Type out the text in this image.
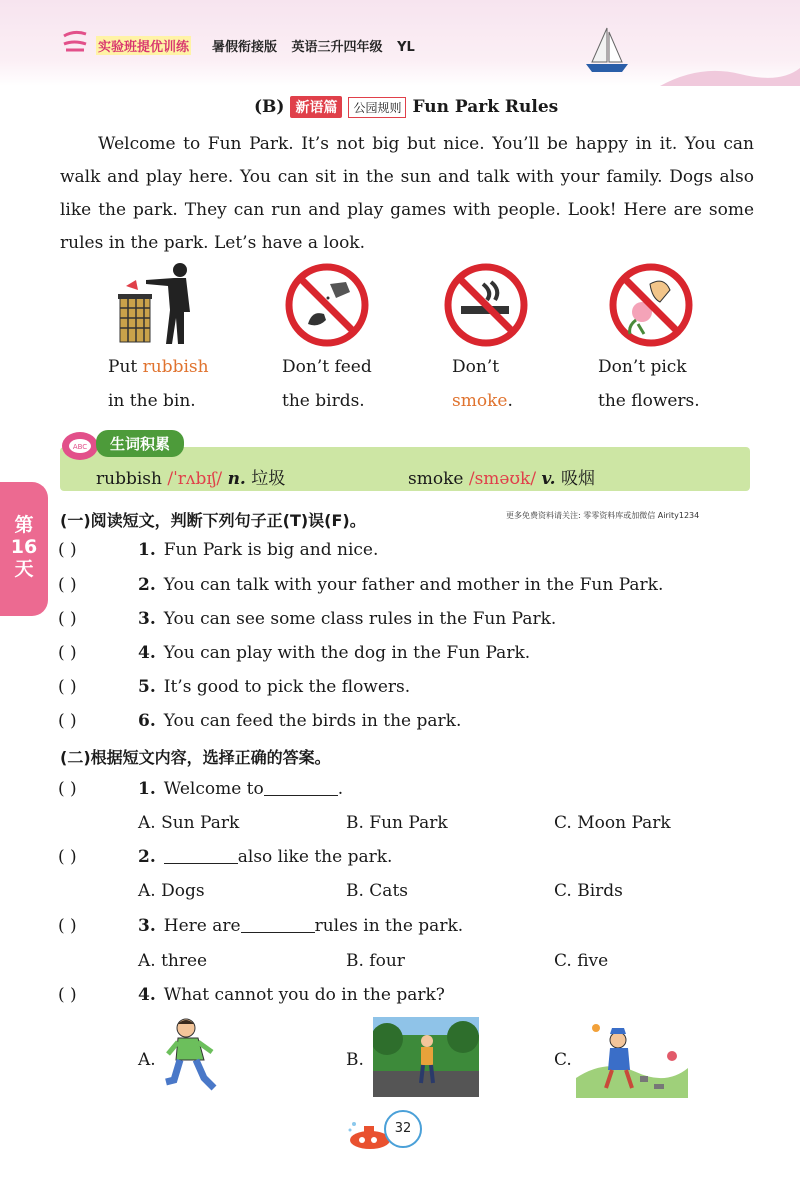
实验班提优训练 暑假衔接版 英语三升四年级 YL
(B) 新语篇	公园规则 Fun Park Rules

Welcome to Fun Park. It’s not big but nice. You’ll be happy in it. You can walk and play here. You can sit in the sun and talk with your family. Dogs also like the park. They can run and play games with people. Look! Here are some rules in the park. Let’s have a look.

Put rubbish
in the bin.
Don’t feed
the birds.
Don’t
smoke.
Don’t pick
the flowers.
ABC	生词积累
rubbish /ˈrʌbɪʃ/ n. 垃圾	smoke /sməʊk/ v. 吸烟
第
16
天
(一)阅读短文，判断下列句子正(T)误(F)。	更多免费资料请关注: 零零资料库或加微信 Airity1234
( )	1. Fun Park is big and nice.
( )	2. You can talk with your father and mother in the Fun Park.
( )	3. You can see some class rules in the Fun Park.
( )	4. You can play with the dog in the Fun Park.
( )	5. It’s good to pick the flowers.
( )	6. You can feed the birds in the park.
(二)根据短文内容，选择正确的答案。
( )	1. Welcome to	.
A. Sun Park	B. Fun Park	C. Moon Park
( )	2.	also like the park.
A. Dogs	B. Cats	C. Birds
( )	3. Here are	rules in the park.
A. three	B. four	C. five
( )	4. What cannot you do in the park?
A.	B.	C.
32
